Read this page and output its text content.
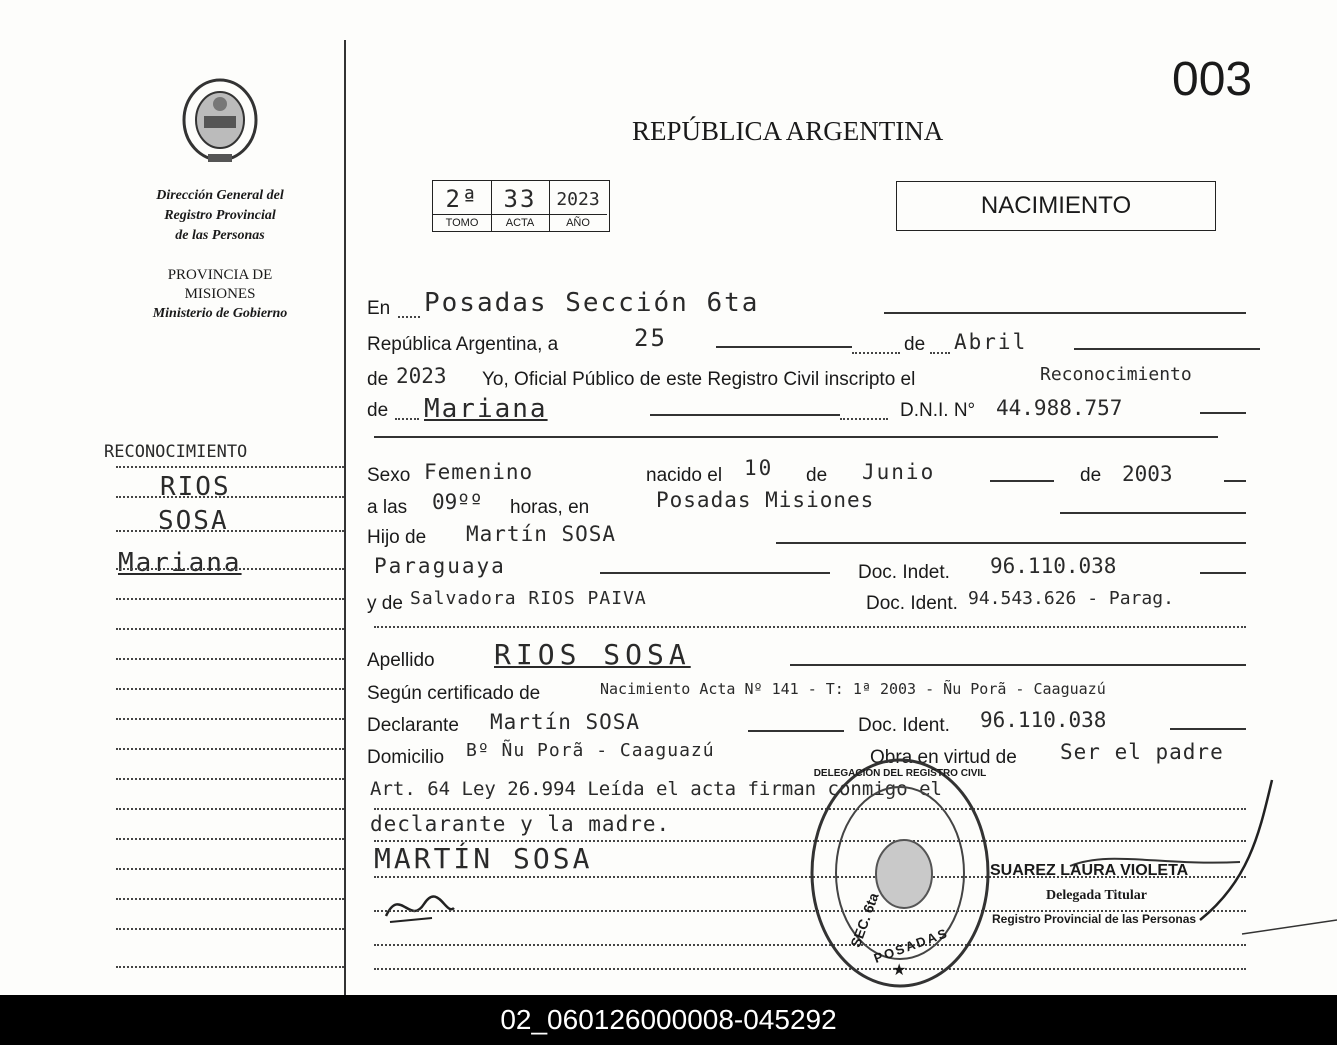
003
Dirección General del
Registro Provincial
de las Personas
PROVINCIA DE
MISIONES
Ministerio de Gobierno
RECONOCIMIENTO
RIOS
SOSA
Mariana
REPÚBLICA ARGENTINA
2ª
TOMO
33
ACTA
2023
AÑO
NACIMIENTO
En Posadas Sección 6ta
República Argentina, a	25	de Abril
de 2023 Yo, Oficial Público de este Registro Civil inscripto el	Reconocimiento
de Mariana	D.N.I. N° 44.988.757
Sexo Femenino	nacido el 10 de Junio	de 2003
a las 09ºº horas, en	Posadas Misiones
Hijo de Martín SOSA
Paraguaya	Doc. Indet. 96.110.038
y de Salvadora RIOS PAIVA	Doc. Ident. 94.543.626 - Parag.
Apellido RIOS SOSA
Según certificado de	Nacimiento Acta Nº 141 - T: 1ª 2003 - Ñu Porã - Caaguazú
Declarante Martín SOSA	Doc. Ident. 96.110.038
Domicilio Bº Ñu Porã - Caaguazú	Obra en virtud de Ser el padre
Art. 64 Ley 26.994 Leída el acta firman conmigo el
declarante y la madre.
MARTÍN SOSA
DELEGACIÓN DEL REGISTRO CIVIL
SEC. 6ta
POSADAS
★
SUAREZ LAURA VIOLETA
Delegada Titular
Registro Provincial de las Personas
02_060126000008-045292
